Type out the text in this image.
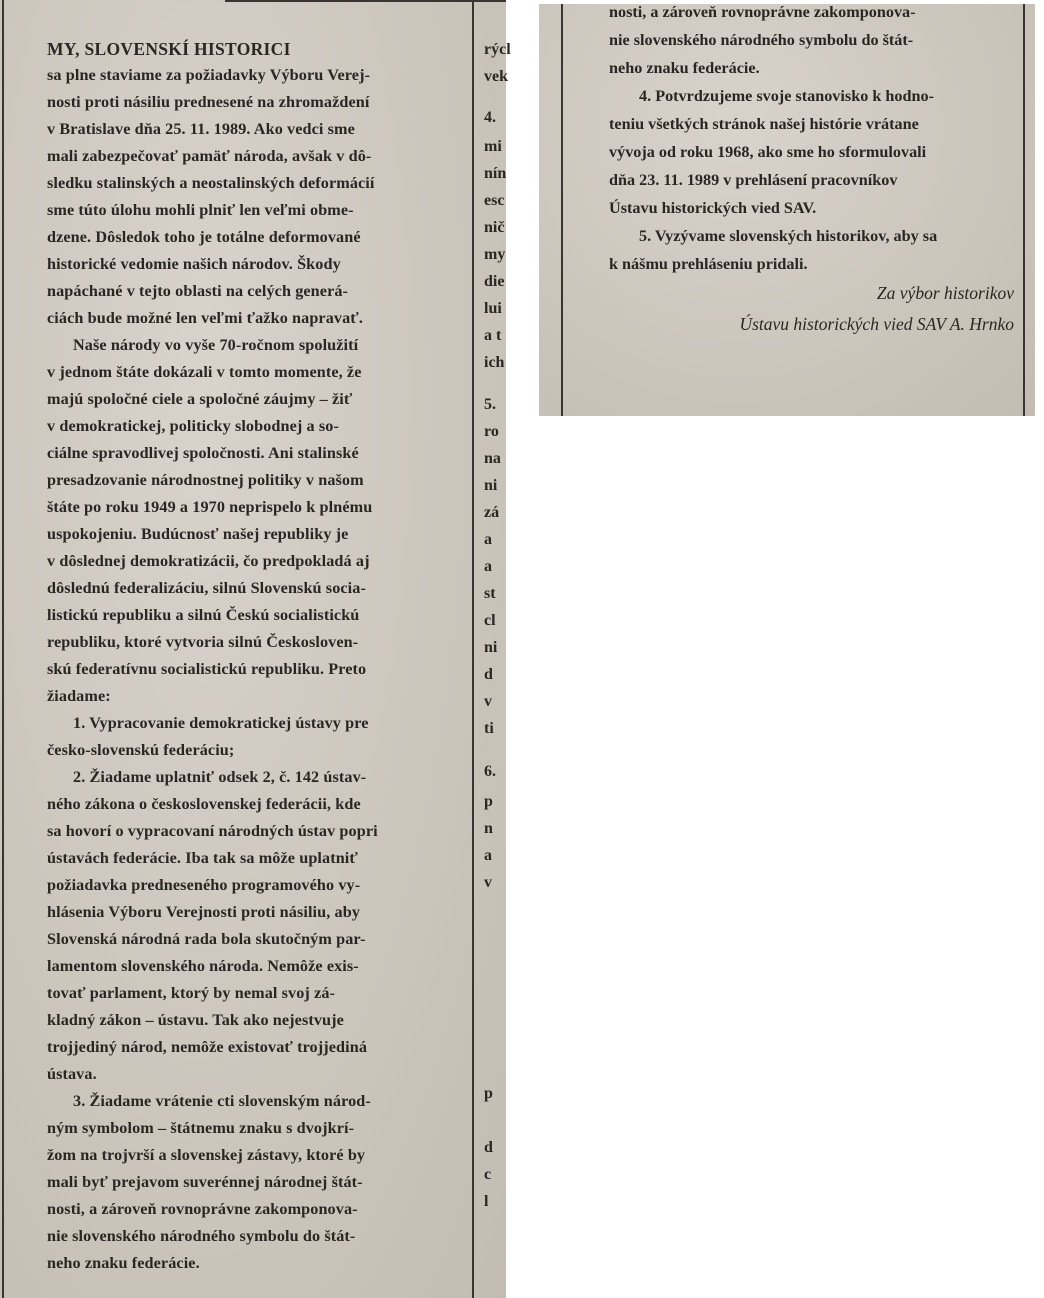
MY, SLOVENSKÍ HISTORICI

sa plne staviame za požiadavky Výboru Verej-

nosti proti násiliu prednesené na zhromaždení

v Bratislave dňa 25. 11. 1989. Ako vedci sme

mali zabezpečovať pamäť národa, avšak v dô-

sledku stalinských a neostalinských deformácií

sme túto úlohu mohli plniť len veľmi obme-

dzene. Dôsledok toho je totálne deformované

historické vedomie našich národov. Škody

napáchané v tejto oblasti na celých generá-

ciách bude možné len veľmi ťažko napravať.

Naše národy vo vyše 70-ročnom spolužití

v jednom štáte dokázali v tomto momente, že

majú spoločné ciele a spoločné záujmy – žiť

v demokratickej, politicky slobodnej a so-

ciálne spravodlivej spoločnosti. Ani stalinské

presadzovanie národnostnej politiky v našom

štáte po roku 1949 a 1970 neprispelo k plnému

uspokojeniu. Budúcnosť našej republiky je

v dôslednej demokratizácii, čo predpokladá aj

dôslednú federalizáciu, silnú Slovenskú socia-

listickú republiku a silnú Českú socialistickú

republiku, ktoré vytvoria silnú Českosloven-

skú federatívnu socialistickú republiku. Preto

žiadame:

1. Vypracovanie demokratickej ústavy pre

česko-slovenskú federáciu;

2. Žiadame uplatniť odsek 2, č. 142 ústav-

ného zákona o československej federácii, kde

sa hovorí o vypracovaní národných ústav popri

ústavách federácie. Iba tak sa môže uplatniť

požiadavka predneseného programového vy-

hlásenia Výboru Verejnosti proti násiliu, aby

Slovenská národná rada bola skutočným par-

lamentom slovenského národa. Nemôže exis-

tovať parlament, ktorý by nemal svoj zá-

kladný zákon – ústavu. Tak ako nejestvuje

trojjediný národ, nemôže existovať trojjediná

ústava.

3. Žiadame vrátenie cti slovenským národ-

ným symbolom – štátnemu znaku s dvojkrí-

žom na trojvrší a slovenskej zástavy, ktoré by

mali byť prejavom suverénnej národnej štát-

nosti, a zároveň rovnoprávne zakomponova-

nie slovenského národného symbolu do štát-

neho znaku federácie.

rýcl
vek
4.
mi
nín
esc
nič
my
die
lui
a t
ich
5.
ro
na
ni
zá
a
a
st
cl
ni
d
v
ti
6.
p
n
a
v
p
d
c
l

nosti, a zároveň rovnoprávne zakomponova-

nie slovenského národného symbolu do štát-

neho znaku federácie.

4. Potvrdzujeme svoje stanovisko k hodno-

teniu všetkých stránok našej histórie vrátane

vývoja od roku 1968, ako sme ho sformulovali

dňa 23. 11. 1989 v prehlásení pracovníkov

Ústavu historických vied SAV.

5. Vyzývame slovenských historikov, aby sa

k nášmu prehláseniu pridali.

Za výbor historikov

Ústavu historických vied SAV A. Hrnko
